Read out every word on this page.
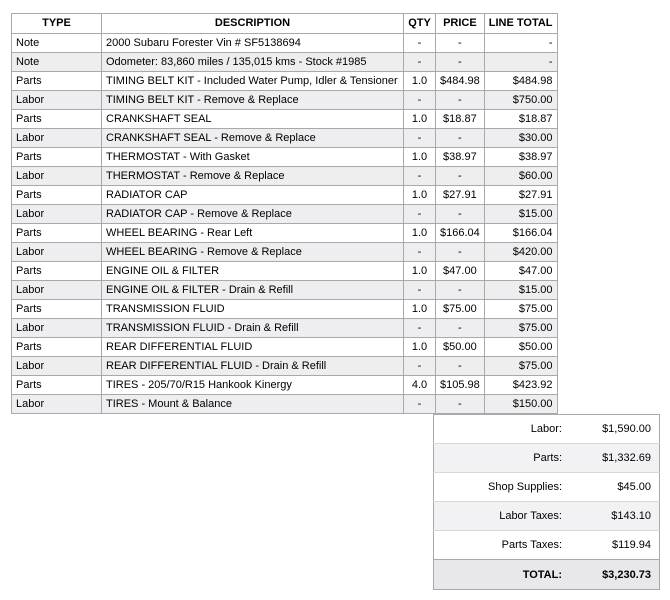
TYPE	DESCRIPTION	QTY	PRICE	LINE TOTAL
Note	2000 Subaru Forester Vin # SF5138694	-	-	-
Note	Odometer: 83,860 miles / 135,015 kms - Stock #1985	-	-	-
Parts	TIMING BELT KIT - Included Water Pump, Idler & Tensioner	1.0	$484.98	$484.98
Labor	TIMING BELT KIT - Remove & Replace	-	-	$750.00
Parts	CRANKSHAFT SEAL	1.0	$18.87	$18.87
Labor	CRANKSHAFT SEAL - Remove & Replace	-	-	$30.00
Parts	THERMOSTAT - With Gasket	1.0	$38.97	$38.97
Labor	THERMOSTAT - Remove & Replace	-	-	$60.00
Parts	RADIATOR CAP	1.0	$27.91	$27.91
Labor	RADIATOR CAP - Remove & Replace	-	-	$15.00
Parts	WHEEL BEARING - Rear Left	1.0	$166.04	$166.04
Labor	WHEEL BEARING - Remove & Replace	-	-	$420.00
Parts	ENGINE OIL & FILTER	1.0	$47.00	$47.00
Labor	ENGINE OIL & FILTER - Drain & Refill	-	-	$15.00
Parts	TRANSMISSION FLUID	1.0	$75.00	$75.00
Labor	TRANSMISSION FLUID - Drain & Refill	-	-	$75.00
Parts	REAR DIFFERENTIAL FLUID	1.0	$50.00	$50.00
Labor	REAR DIFFERENTIAL FLUID - Drain & Refill	-	-	$75.00
Parts	TIRES - 205/70/R15 Hankook Kinergy	4.0	$105.98	$423.92
Labor	TIRES - Mount & Balance	-	-	$150.00
Labor:	$1,590.00
Parts:	$1,332.69
Shop Supplies:	$45.00
Labor Taxes:	$143.10
Parts Taxes:	$119.94
TOTAL:	$3,230.73
